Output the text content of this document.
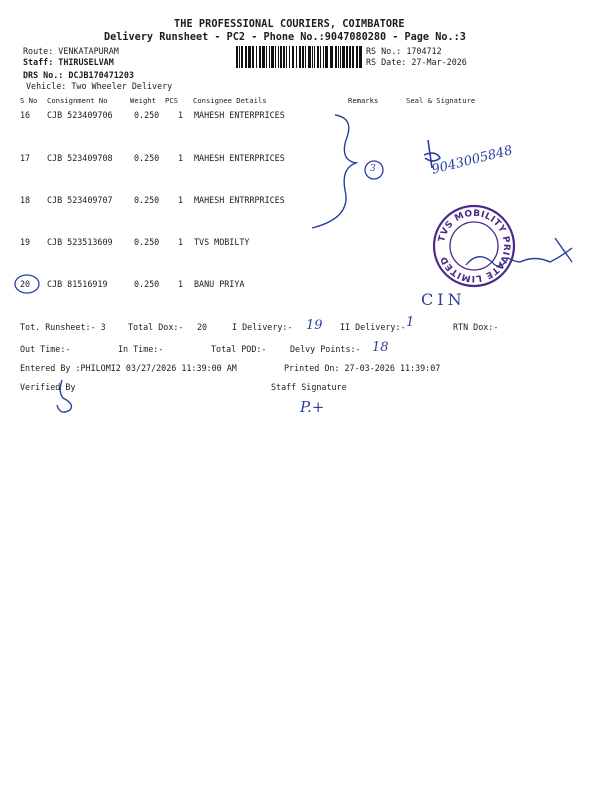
THE PROFESSIONAL COURIERS, COIMBATORE
Delivery Runsheet - PC2 - Phone No.:9047080280 - Page No.:3
Route: VENKATAPURAM
Staff: THIRUSELVAM
DRS No.: DCJB170471203
Vehicle: Two Wheeler Delivery
RS No.: 1704712
RS Date: 27-Mar-2026
S No Consignment No	Weight PCS Consignee Details	Remarks	Seal & Signature
16 CJB 523409706	0.250 1 MAHESH ENTERPRICES
17 CJB 523409708	0.250 1 MAHESH ENTERPRICES
18 CJB 523409707	0.250 1 MAHESH ENTRRPRICES
19 CJB 523513609	0.250 1 TVS MOBILTY
20 CJB 81516919	0.250 1 BANU PRIYA
Tot. Runsheet:- 3	Total Dox:- 20	I Delivery:-	II Delivery:-	RTN Dox:-
Out Time:-	In Time:-	Total POD:-	Delvy Points:-
Entered By :PHILOMI2 03/27/2026 11:39:00 AM	Printed On: 27-03-2026 11:39:07
Verified By	Staff Signature
TVS MOBILITY PRIVATE LIMITED
9043005848
3
CIN
19	1
18
P.+
